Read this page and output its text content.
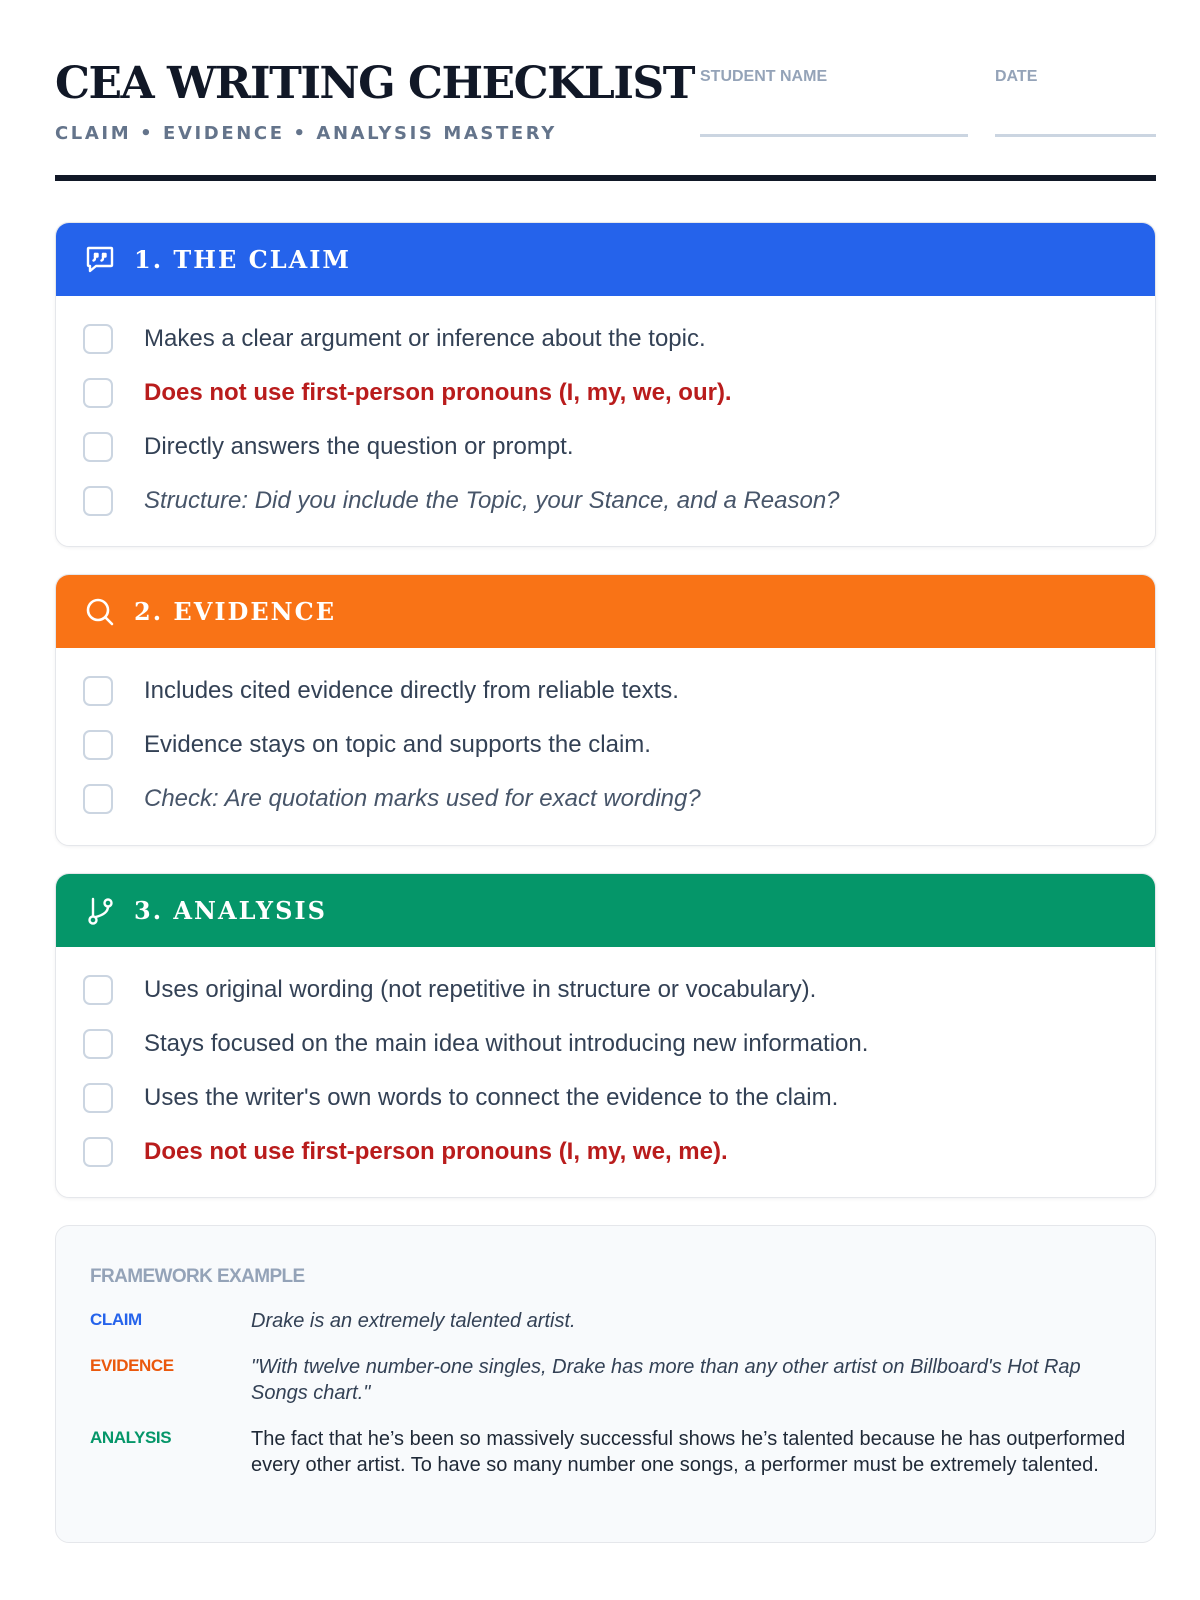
CEA WRITING CHECKLIST
CLAIM • EVIDENCE • ANALYSIS MASTERY
STUDENT NAME	DATE
1. THE CLAIM
Makes a clear argument or inference about the topic.
Does not use first-person pronouns (I, my, we, our).
Directly answers the question or prompt.
Structure: Did you include the Topic, your Stance, and a Reason?
2. EVIDENCE
Includes cited evidence directly from reliable texts.
Evidence stays on topic and supports the claim.
Check: Are quotation marks used for exact wording?
3. ANALYSIS
Uses original wording (not repetitive in structure or vocabulary).
Stays focused on the main idea without introducing new information.
Uses the writer's own words to connect the evidence to the claim.
Does not use first-person pronouns (I, my, we, me).
FRAMEWORK EXAMPLE
CLAIM	Drake is an extremely talented artist.
EVIDENCE	"With twelve number-one singles, Drake has more than any other artist on Billboard's Hot Rap Songs chart."
ANALYSIS	The fact that he’s been so massively successful shows he’s talented because he has outperformed every other artist. To have so many number one songs, a performer must be extremely talented.
